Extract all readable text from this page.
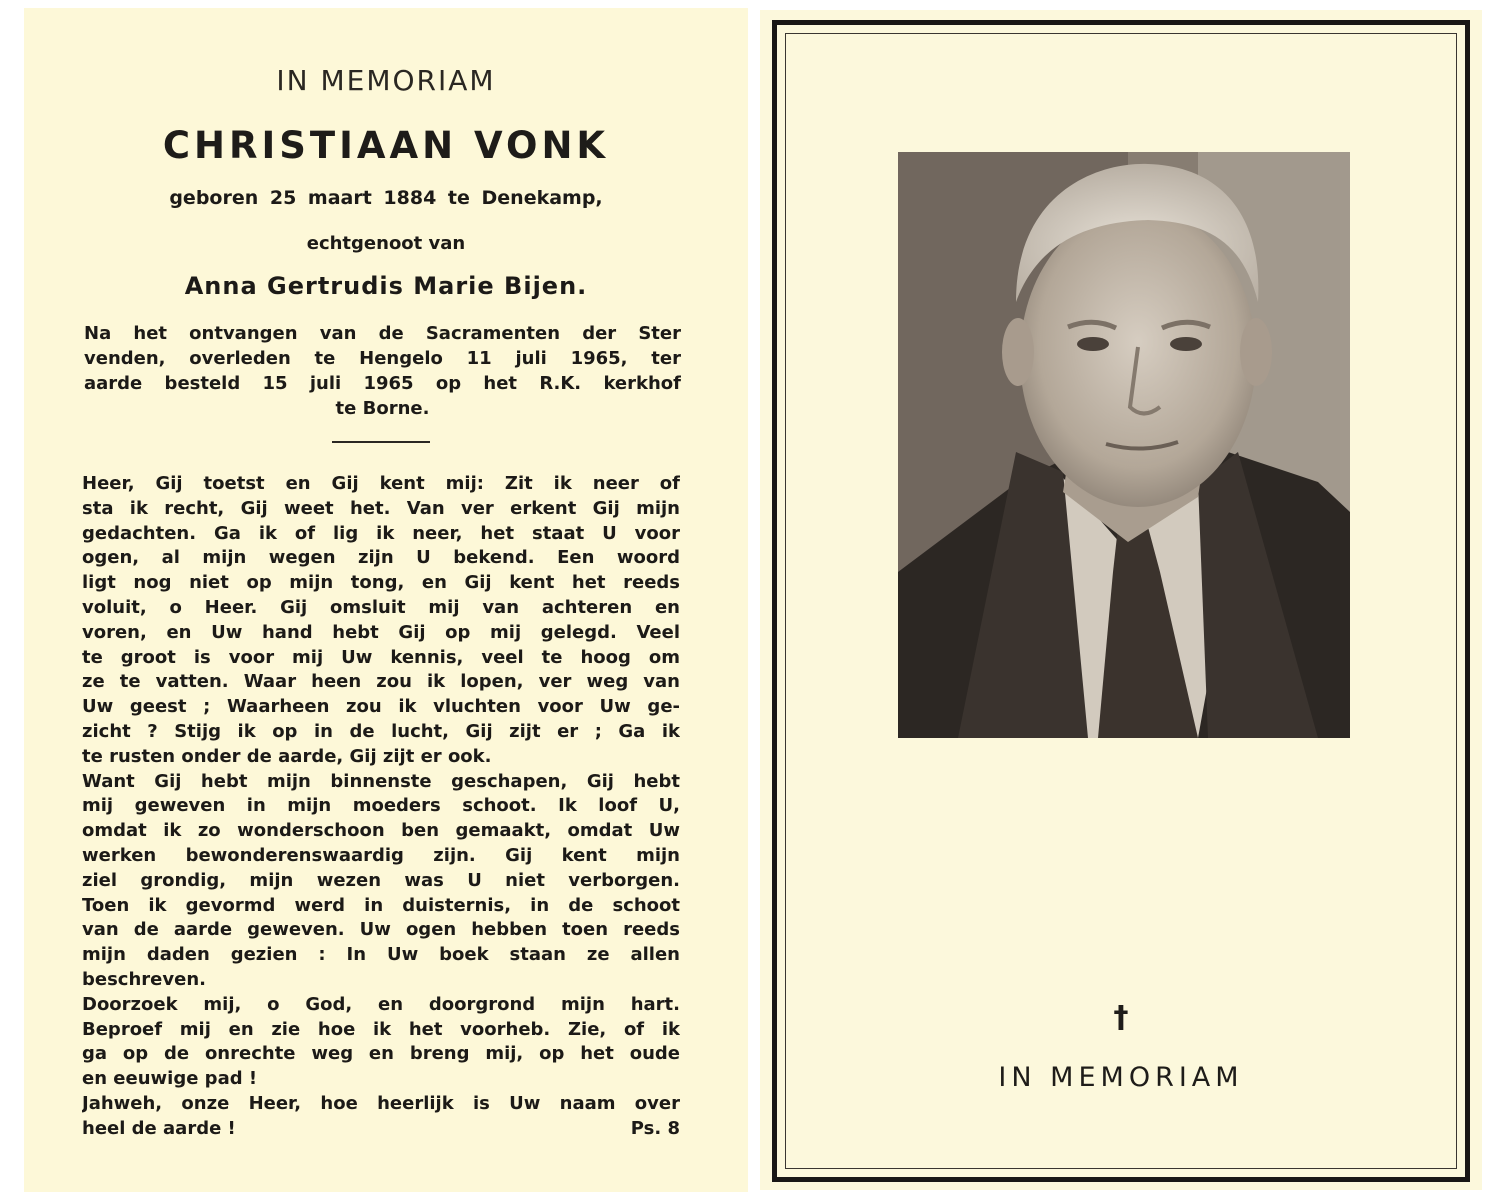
IN MEMORIAM
CHRISTIAAN VONK
geboren 25 maart 1884 te Denekamp,
echtgenoot van
Anna Gertrudis Marie Bijen.
Na het ontvangen van de Sacramenten der Ster
venden, overleden te Hengelo 11 juli 1965, ter
aarde besteld 15 juli 1965 op het R.K. kerkhof
te Borne.
Heer, Gij toetst en Gij kent mij: Zit ik neer of
sta ik recht, Gij weet het. Van ver erkent Gij mijn
gedachten. Ga ik of lig ik neer, het staat U voor
ogen, al mijn wegen zijn U bekend. Een woord
ligt nog niet op mijn tong, en Gij kent het reeds
voluit, o Heer. Gij omsluit mij van achteren en
voren, en Uw hand hebt Gij op mij gelegd. Veel
te groot is voor mij Uw kennis, veel te hoog om
ze te vatten. Waar heen zou ik lopen, ver weg van
Uw geest ; Waarheen zou ik vluchten voor Uw ge-
zicht ? Stijg ik op in de lucht, Gij zijt er ; Ga ik
te rusten onder de aarde, Gij zijt er ook.
Want Gij hebt mijn binnenste geschapen, Gij hebt
mij geweven in mijn moeders schoot. Ik loof U,
omdat ik zo wonderschoon ben gemaakt, omdat Uw
werken bewonderenswaardig zijn. Gij kent mijn
ziel grondig, mijn wezen was U niet verborgen.
Toen ik gevormd werd in duisternis, in de schoot
van de aarde geweven. Uw ogen hebben toen reeds
mijn daden gezien : In Uw boek staan ze allen
beschreven.
Doorzoek mij, o God, en doorgrond mijn hart.
Beproef mij en zie hoe ik het voorheb. Zie, of ik
ga op de onrechte weg en breng mij, op het oude
en eeuwige pad !
Jahweh, onze Heer, hoe heerlijk is Uw naam over
heel de aarde !	Ps. 8
†
IN MEMORIAM
